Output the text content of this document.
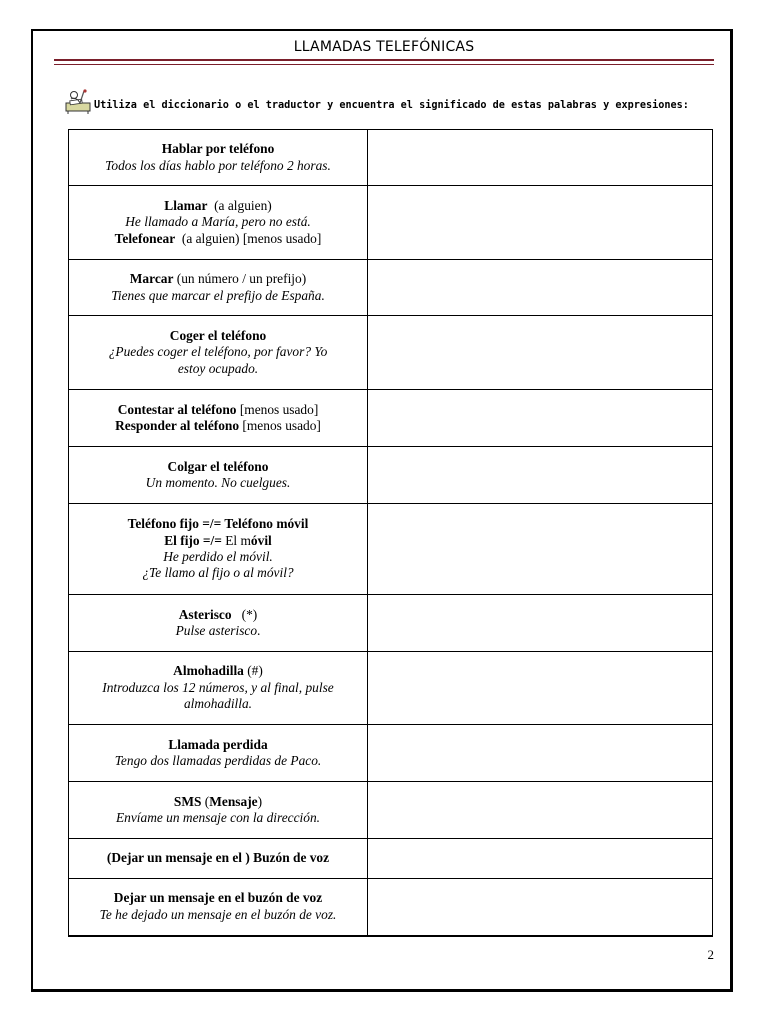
LLAMADAS TELEFÓNICAS
Utiliza el diccionario o el traductor y encuentra el significado de estas palabras y expresiones:
Hablar por teléfono
Todos los días hablo por teléfono 2 horas.	

Llamar  (a alguien)
He llamado a María, pero no está.
Telefonear  (a alguien) [menos usado]	

Marcar (un número / un prefijo)
Tienes que marcar el prefijo de España.	

Coger el teléfono
¿Puedes coger el teléfono, por favor? Yo
estoy ocupado.	

Contestar al teléfono [menos usado]
Responder al teléfono [menos usado]	

Colgar el teléfono
Un momento. No cuelgues.	

Teléfono fijo =/= Teléfono móvil
El fijo =/= El móvil
He perdido el móvil.
¿Te llamo al fijo o al móvil?	

Asterisco   (*)
Pulse asterisco.	

Almohadilla (#)
Introduzca los 12 números, y al final, pulse
almohadilla.	

Llamada perdida
Tengo dos llamadas perdidas de Paco.	

SMS (Mensaje)
Envíame un mensaje con la dirección.	

(Dejar un mensaje en el ) Buzón de voz	

Dejar un mensaje en el buzón de voz
Te he dejado un mensaje en el buzón de voz.	

2
